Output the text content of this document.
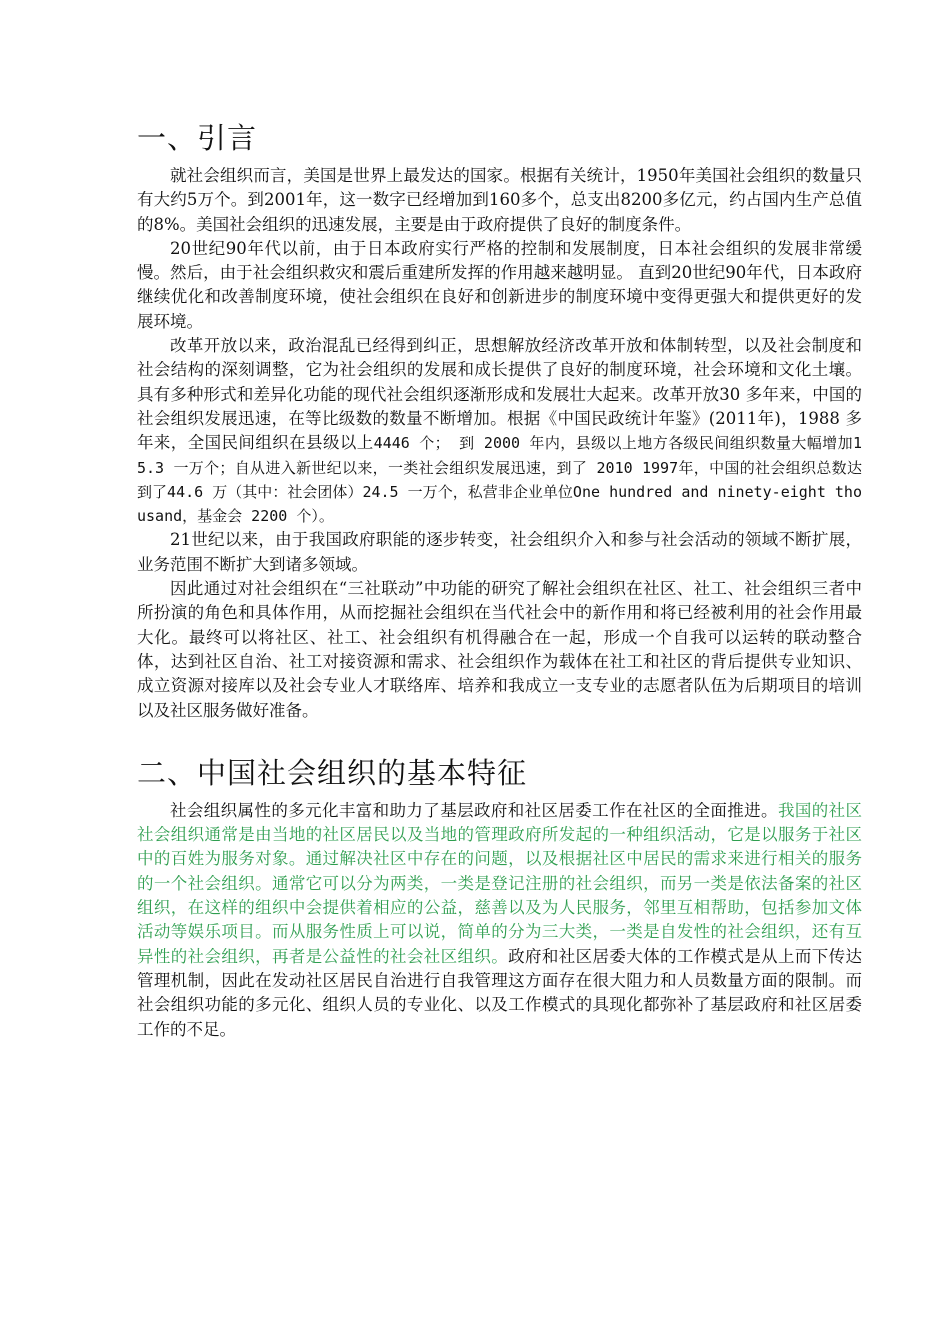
一、引言

就社会组织而言，美国是世界上最发达的国家。根据有关统计，1950年美国社会组织的数量只有大约5万个。到2001年，这一数字已经增加到160多个，总支出8200多亿元，约占国内生产总值的8%。美国社会组织的迅速发展，主要是由于政府提供了良好的制度条件。

20世纪90年代以前，由于日本政府实行严格的控制和发展制度，日本社会组织的发展非常缓慢。然后，由于社会组织救灾和震后重建所发挥的作用越来越明显。 直到20世纪90年代，日本政府继续优化和改善制度环境，使社会组织在良好和创新进步的制度环境中变得更强大和提供更好的发展环境。

改革开放以来，政治混乱已经得到纠正，思想解放经济改革开放和体制转型，以及社会制度和社会结构的深刻调整，它为社会组织的发展和成长提供了良好的制度环境，社会环境和文化土壤。 具有多种形式和差异化功能的现代社会组织逐渐形成和发展壮大起来。改革开放30 多年来，中国的社会组织发展迅速，在等比级数的数量不断增加。根据《中国民政统计年鉴》(2011年)，1988 多年来，全国民间组织在县级以上4446 个； 到 2000 年内，县级以上地方各级民间组织数量大幅增加15.3 一万个；自从进入新世纪以来，一类社会组织发展迅速，到了 2010 1997年，中国的社会组织总数达到了44.6 万（其中：社会团体）24.5 一万个，私营非企业单位One hundred and ninety-eight thousand，基金会 2200 个）。

21世纪以来，由于我国政府职能的逐步转变，社会组织介入和参与社会活动的领域不断扩展，业务范围不断扩大到诸多领域。

因此通过对社会组织在“三社联动”中功能的研究了解社会组织在社区、社工、社会组织三者中所扮演的角色和具体作用，从而挖掘社会组织在当代社会中的新作用和将已经被利用的社会作用最大化。最终可以将社区、社工、社会组织有机得融合在一起，形成一个自我可以运转的联动整合体，达到社区自治、社工对接资源和需求、社会组织作为载体在社工和社区的背后提供专业知识、成立资源对接库以及社会专业人才联络库、培养和我成立一支专业的志愿者队伍为后期项目的培训以及社区服务做好准备。

二、中国社会组织的基本特征

社会组织属性的多元化丰富和助力了基层政府和社区居委工作在社区的全面推进。我国的社区社会组织通常是由当地的社区居民以及当地的管理政府所发起的一种组织活动，它是以服务于社区中的百姓为服务对象。通过解决社区中存在的问题，以及根据社区中居民的需求来进行相关的服务的一个社会组织。通常它可以分为两类，一类是登记注册的社会组织，而另一类是依法备案的社区组织，在这样的组织中会提供着相应的公益，慈善以及为人民服务，邻里互相帮助，包括参加文体活动等娱乐项目。而从服务性质上可以说，简单的分为三大类，一类是自发性的社会组织，还有互异性的社会组织，再者是公益性的社会社区组织。政府和社区居委大体的工作模式是从上而下传达管理机制，因此在发动社区居民自治进行自我管理这方面存在很大阻力和人员数量方面的限制。而社会组织功能的多元化、组织人员的专业化、以及工作模式的具现化都弥补了基层政府和社区居委工作的不足。
